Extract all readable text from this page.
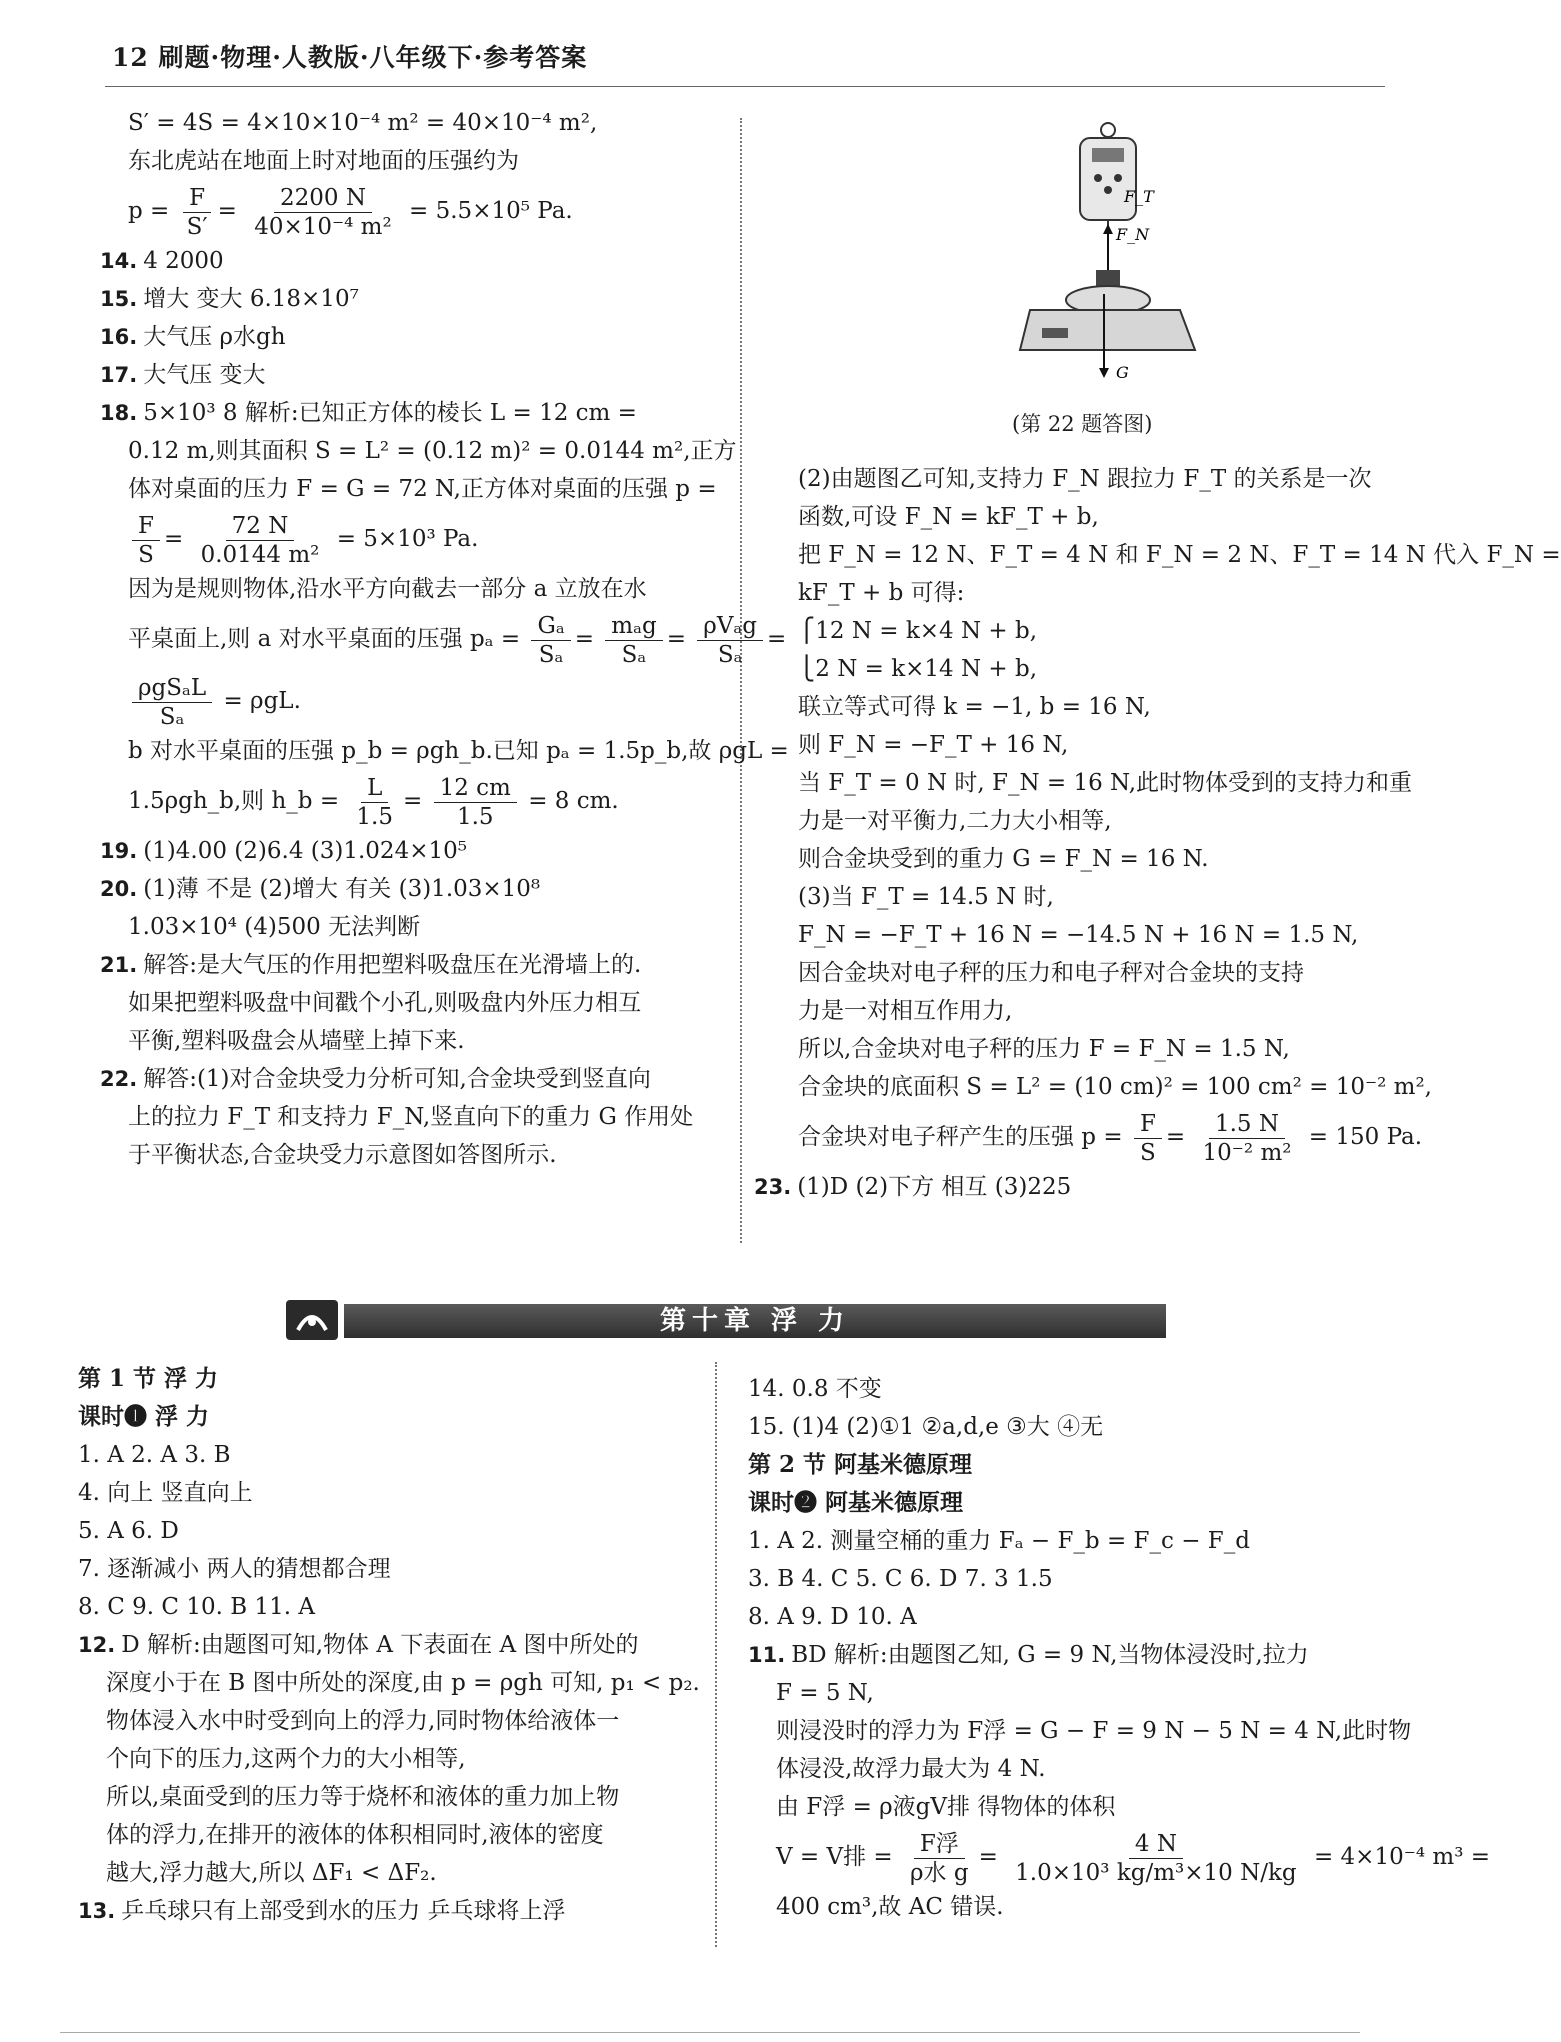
12 刷题·物理·人教版·八年级下·参考答案
S′ = 4S = 4×10×10⁻⁴ m² = 40×10⁻⁴ m²,
东北虎站在地面上时对地面的压强约为
$p = \frac{F}{S'} = \frac{2200 N}{\text{40×10⁻⁴ m²}} = 5.5\times 10^5$ Pa.
14. 4 2000
15. 增大 变大 6.18×10⁷
16. 大气压 ρ水gh
17. 大气压 变大
18. 5×10³ 8 解析:已知正方体的棱长 L = 12 cm =
0.12 m,则其面积 S = L² = (0.12 m)² = 0.0144 m²,正方
体对桌面的压力 F = G = 72 N,正方体对桌面的压强 p =
$\frac{F}{S} = \frac{72 N}{\text{0.0144 m²}} = 5\times 10^3$ Pa.
因为是规则物体,沿水平方向截去一部分 a 立放在水
平桌面上,则 a 对水平桌面的压强 $p_a = \frac{\text{Gₐ}}{\text{Sₐ}} = \frac{\text{mₐg}}{\text{Sₐ}} = \frac{\text{ρVₐg}}{\text{Sₐ}}$ =
$\frac{\text{ρgSₐL}}{\text{Sₐ}} = \rho gL$.
b 对水平桌面的压强 p_b = ρgh_b.已知 pₐ = 1.5p_b,故 ρgL =
1.5ρgh_b,则 h_b = $\frac{L}{1.5} = \frac{12 cm}{1.5} = 8$ cm.
19. (1)4.00 (2)6.4 (3)1.024×10⁵
20. (1)薄 不是 (2)增大 有关 (3)1.03×10⁸
1.03×10⁴ (4)500 无法判断
21. 解答:是大气压的作用把塑料吸盘压在光滑墙上的.
如果把塑料吸盘中间戳个小孔,则吸盘内外压力相互
平衡,塑料吸盘会从墙壁上掉下来.
22. 解答:(1)对合金块受力分析可知,合金块受到竖直向
上的拉力 F_T 和支持力 F_N,竖直向下的重力 G 作用处
于平衡状态,合金块受力示意图如答图所示.
F_T
F_N
G
(第 22 题答图)
(2)由题图乙可知,支持力 F_N 跟拉力 F_T 的关系是一次
函数,可设 F_N = kF_T + b,
把 F_N = 12 N、F_T = 4 N 和 F_N = 2 N、F_T = 14 N 代入 F_N =
kF_T + b 可得:
⎧12 N = k×4 N + b,
⎩2 N = k×14 N + b,
联立等式可得 k = −1, b = 16 N,
则 F_N = −F_T + 16 N,
当 F_T = 0 N 时, F_N = 16 N,此时物体受到的支持力和重
力是一对平衡力,二力大小相等,
则合金块受到的重力 G = F_N = 16 N.
(3)当 F_T = 14.5 N 时,
F_N = −F_T + 16 N = −14.5 N + 16 N = 1.5 N,
因合金块对电子秤的压力和电子秤对合金块的支持
力是一对相互作用力,
所以,合金块对电子秤的压力 F = F_N = 1.5 N,
合金块的底面积 S = L² = (10 cm)² = 100 cm² = 10⁻² m²,
合金块对电子秤产生的压强 $p = \frac{F}{S} = \frac{1.5 N}{\text{10⁻² m²}} = 150$ Pa.
23. (1)D (2)下方 相互 (3)225
第十章 浮 力
第 1 节 浮 力
课时❶ 浮 力
1. A 2. A 3. B
4. 向上 竖直向上
5. A 6. D
7. 逐渐减小 两人的猜想都合理
8. C 9. C 10. B 11. A
12. D 解析:由题图可知,物体 A 下表面在 A 图中所处的
深度小于在 B 图中所处的深度,由 p = ρgh 可知, p₁ < p₂.
物体浸入水中时受到向上的浮力,同时物体给液体一
个向下的压力,这两个力的大小相等,
所以,桌面受到的压力等于烧杯和液体的重力加上物
体的浮力,在排开的液体的体积相同时,液体的密度
越大,浮力越大,所以 ΔF₁ < ΔF₂.
13. 乒乓球只有上部受到水的压力 乒乓球将上浮
14. 0.8 不变
15. (1)4 (2)①1 ②a,d,e ③大 ④无
第 2 节 阿基米德原理
课时❷ 阿基米德原理
1. A 2. 测量空桶的重力 Fₐ − F_b = F_c − F_d
3. B 4. C 5. C 6. D 7. 3 1.5
8. A 9. D 10. A
11. BD 解析:由题图乙知, G = 9 N,当物体浸没时,拉力
F = 5 N,
则浸没时的浮力为 F浮 = G − F = 9 N − 5 N = 4 N,此时物
体浸没,故浮力最大为 4 N.
由 F浮 = ρ液gV排 得物体的体积
V = V排 = $\frac{\text{F浮}}{\text{ρ水 g}} = \frac{4 N}{\text{1.0×10³ kg/m³×10 N/kg}} = 4\times 10^{-4}$ m³ =
400 cm³,故 AC 错误.
